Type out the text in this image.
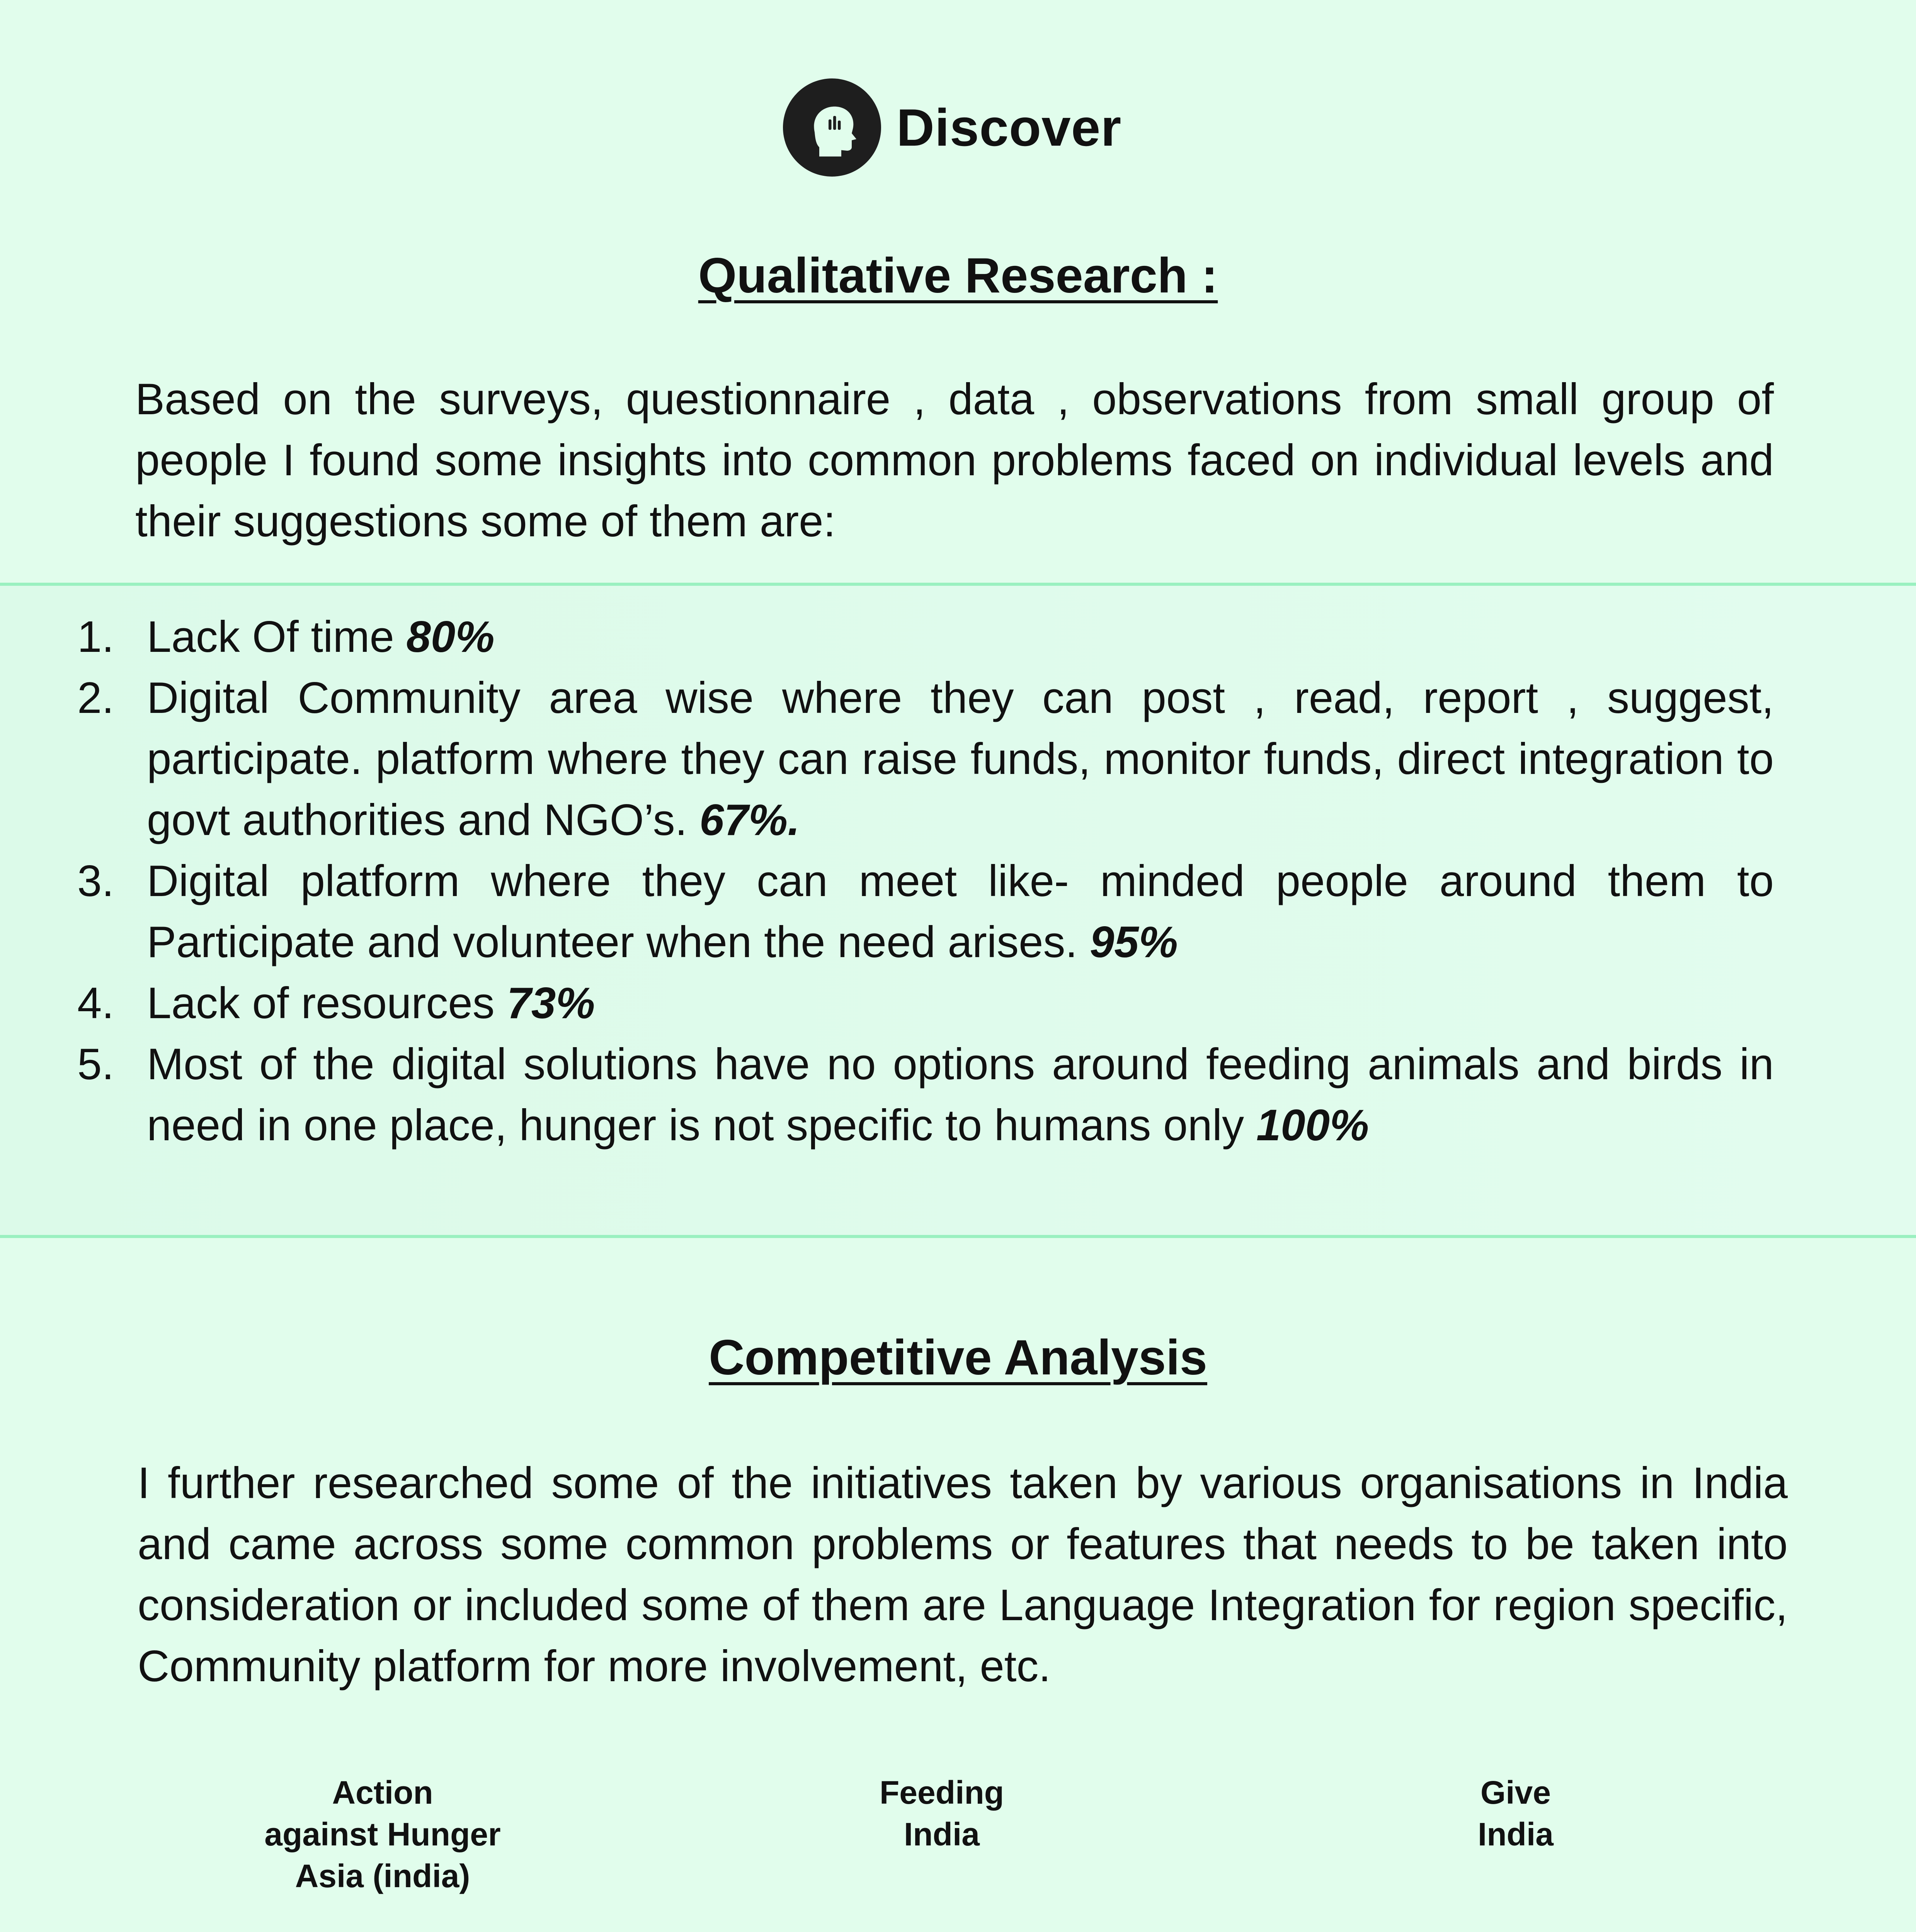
Discover
Qualitative Research :

Based on the surveys, questionnaire , data , observations from small group of people I found some insights into common problems faced on individual levels and their suggestions some of them are:

1. Lack Of time 80%
2. Digital Community area wise where they can post , read, report , suggest, participate. platform where they can raise funds, monitor funds, direct integration to govt authorities and NGO’s. 67%.
3. Digital platform where they can meet like- minded people around them to Participate and volunteer when the need arises. 95%
4. Lack of resources 73%
5. Most of the digital solutions have no options around feeding animals and birds in need in one place, hunger is not specific to humans only 100%
Competitive Analysis

I further researched some of the initiatives taken by various organisations in India and came across some common problems or features that needs to be taken into consideration or included some of them are Language Integration for region specific, Community platform for more involvement, etc.

Action
against Hunger
Asia (india)
Feeding
India
Give
India
